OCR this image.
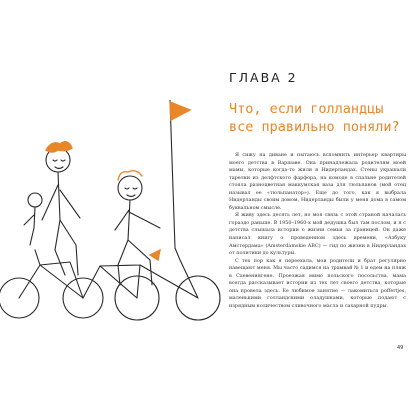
ГЛАВА 2
Что, если голландцы все правильно поняли?

Я сижу на диване и пытаюсь вспомнить интерьер квартиры моего детства в Варшаве. Она принадлежала родителям моей мамы, которые когда-то жили в Нидерландах. Стены украшали тарелки из делфтского фарфора, на комоде в спальне родителей стояла разноцветная маккумская ваза для тюльпанов (мой отец называл ее «тюльпанатор»). Еще до того, как я выбрала Нидерланды своим домом, Нидерланды были у меня дома в самом буквальном смысле.

Я живу здесь десять лет, но моя связь с этой страной началась гораздо раньше. В 1950–1960-х мой дедушка был там послом, и я с детства слышала истории о жизни семьи за границей. Он даже написал книгу о проведенном здесь времени, «Азбуку Амстердама» (Amsterdamskie ABC) — гид по жизни в Нидерландах от политики до культуры.

С тех пор как я переехала, мои родители и брат регулярно навещают меня. Мы часто садимся на трамвай № 1 и едем на пляж в Схевенингене. Проезжая мимо польского посольства, мама всегда рассказывает истории из тех лет своего детства, которые она провела здесь. Ее любимое занятие — лакомиться poffertjes, маленькими голландскими оладушками, которые подают с изрядным количеством сливочного масла и сахарной пудры.

49
